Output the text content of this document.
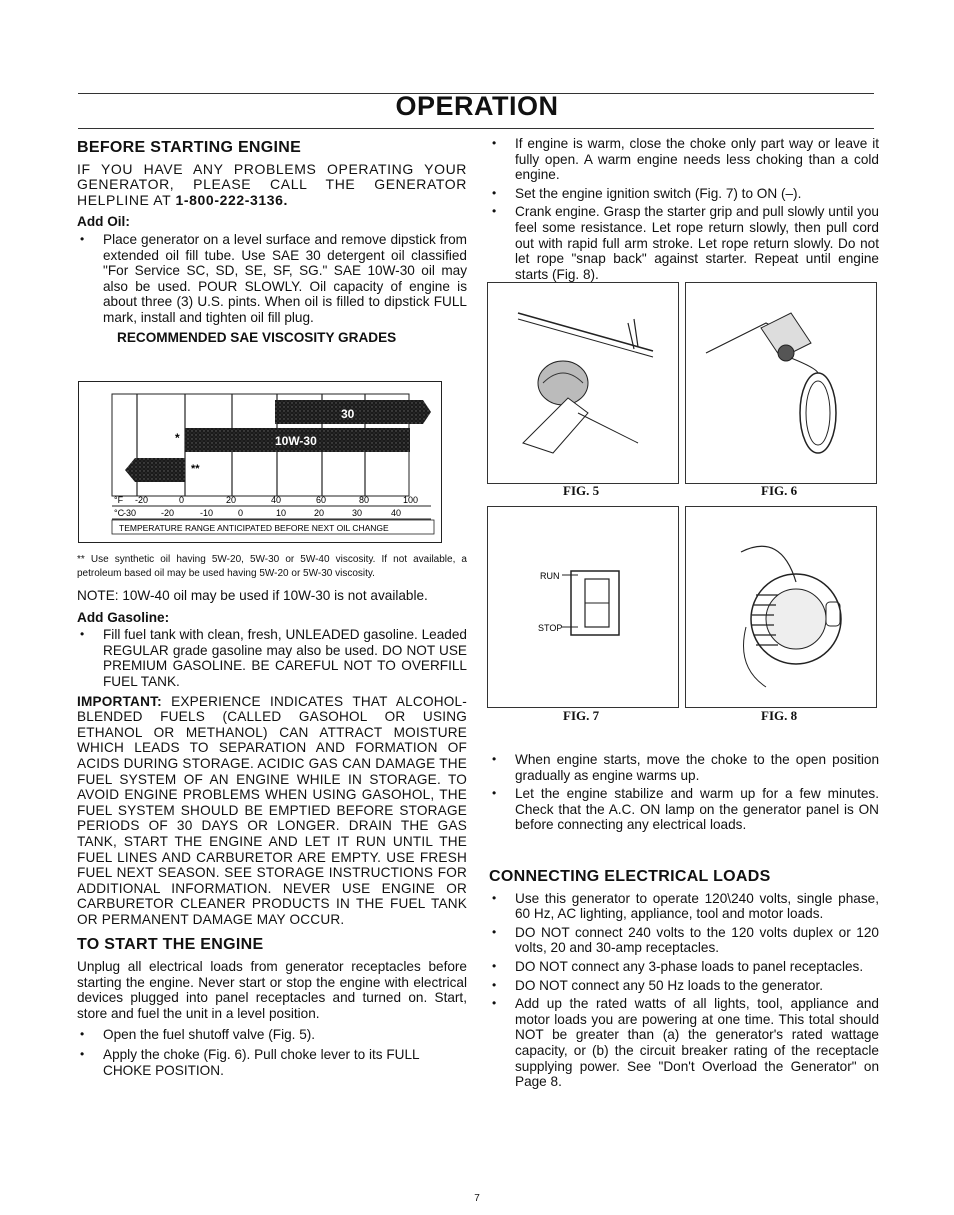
OPERATION
BEFORE STARTING ENGINE

IF YOU HAVE ANY PROBLEMS OPERATING YOUR GENERATOR, PLEASE CALL THE GENERATOR HELPLINE AT 1-800-222-3136.

Add Oil:

• Place generator on a level surface and remove dipstick from extended oil fill tube. Use SAE 30 detergent oil classified "For Service SC, SD, SE, SF, SG." SAE 10W-30 oil may also be used. POUR SLOWLY. Oil capacity of engine is about three (3) U.S. pints. When oil is filled to dipstick FULL mark, install and tighten oil fill plug.

RECOMMENDED SAE VISCOSITY GRADES

30
10W-30
*
**
°F
°C
-20	0	20	40	60	80	100
-30	-20	-10	0	10	20	30	40
TEMPERATURE RANGE ANTICIPATED BEFORE NEXT OIL CHANGE

** Use synthetic oil having 5W-20, 5W-30 or 5W-40 viscosity. If not available, a petroleum based oil may be used having 5W-20 or 5W-30 viscosity.

NOTE: 10W-40 oil may be used if 10W-30 is not available.

Add Gasoline:

• Fill fuel tank with clean, fresh, UNLEADED gasoline. Leaded REGULAR grade gasoline may also be used. DO NOT USE PREMIUM GASOLINE. BE CAREFUL NOT TO OVERFILL FUEL TANK.

IMPORTANT: EXPERIENCE INDICATES THAT ALCOHOL-BLENDED FUELS (CALLED GASOHOL OR USING ETHANOL OR METHANOL) CAN ATTRACT MOISTURE WHICH LEADS TO SEPARATION AND FORMATION OF ACIDS DURING STORAGE. ACIDIC GAS CAN DAMAGE THE FUEL SYSTEM OF AN ENGINE WHILE IN STORAGE. TO AVOID ENGINE PROBLEMS WHEN USING GASOHOL, THE FUEL SYSTEM SHOULD BE EMPTIED BEFORE STORAGE PERIODS OF 30 DAYS OR LONGER. DRAIN THE GAS TANK, START THE ENGINE AND LET IT RUN UNTIL THE FUEL LINES AND CARBURETOR ARE EMPTY. USE FRESH FUEL NEXT SEASON. SEE STORAGE INSTRUCTIONS FOR ADDITIONAL INFORMATION. NEVER USE ENGINE OR CARBURETOR CLEANER PRODUCTS IN THE FUEL TANK OR PERMANENT DAMAGE MAY OCCUR.

TO START THE ENGINE

Unplug all electrical loads from generator receptacles before starting the engine. Never start or stop the engine with electrical devices plugged into panel receptacles and turned on. Start, store and fuel the unit in a level position.

• Open the fuel shutoff valve (Fig. 5).
• Apply the choke (Fig. 6). Pull choke lever to its FULL CHOKE POSITION.
• If engine is warm, close the choke only part way or leave it fully open. A warm engine needs less choking than a cold engine.
• Set the engine ignition switch (Fig. 7) to ON (–).
• Crank engine. Grasp the starter grip and pull slowly until you feel some resistance. Let rope return slowly, then pull cord out with rapid full arm stroke. Let rope return slowly. Do not let rope "snap back" against starter. Repeat until engine starts (Fig. 8).
FIG. 5	FIG. 6
RUN
STOP
FIG. 7	FIG. 8
• When engine starts, move the choke to the open position gradually as engine warms up.
• Let the engine stabilize and warm up for a few minutes. Check that the A.C. ON lamp on the generator panel is ON before connecting any electrical loads.
CONNECTING ELECTRICAL LOADS
• Use this generator to operate 120\240 volts, single phase, 60 Hz, AC lighting, appliance, tool and motor loads.
• DO NOT connect 240 volts to the 120 volts duplex or 120 volts, 20 and 30-amp receptacles.
• DO NOT connect any 3-phase loads to panel receptacles.
• DO NOT connect any 50 Hz loads to the generator.
• Add up the rated watts of all lights, tool, appliance and motor loads you are powering at one time. This total should NOT be greater than (a) the generator's rated wattage capacity, or (b) the circuit breaker rating of the receptacle supplying power. See "Don't Overload the Generator" on Page 8.
7
